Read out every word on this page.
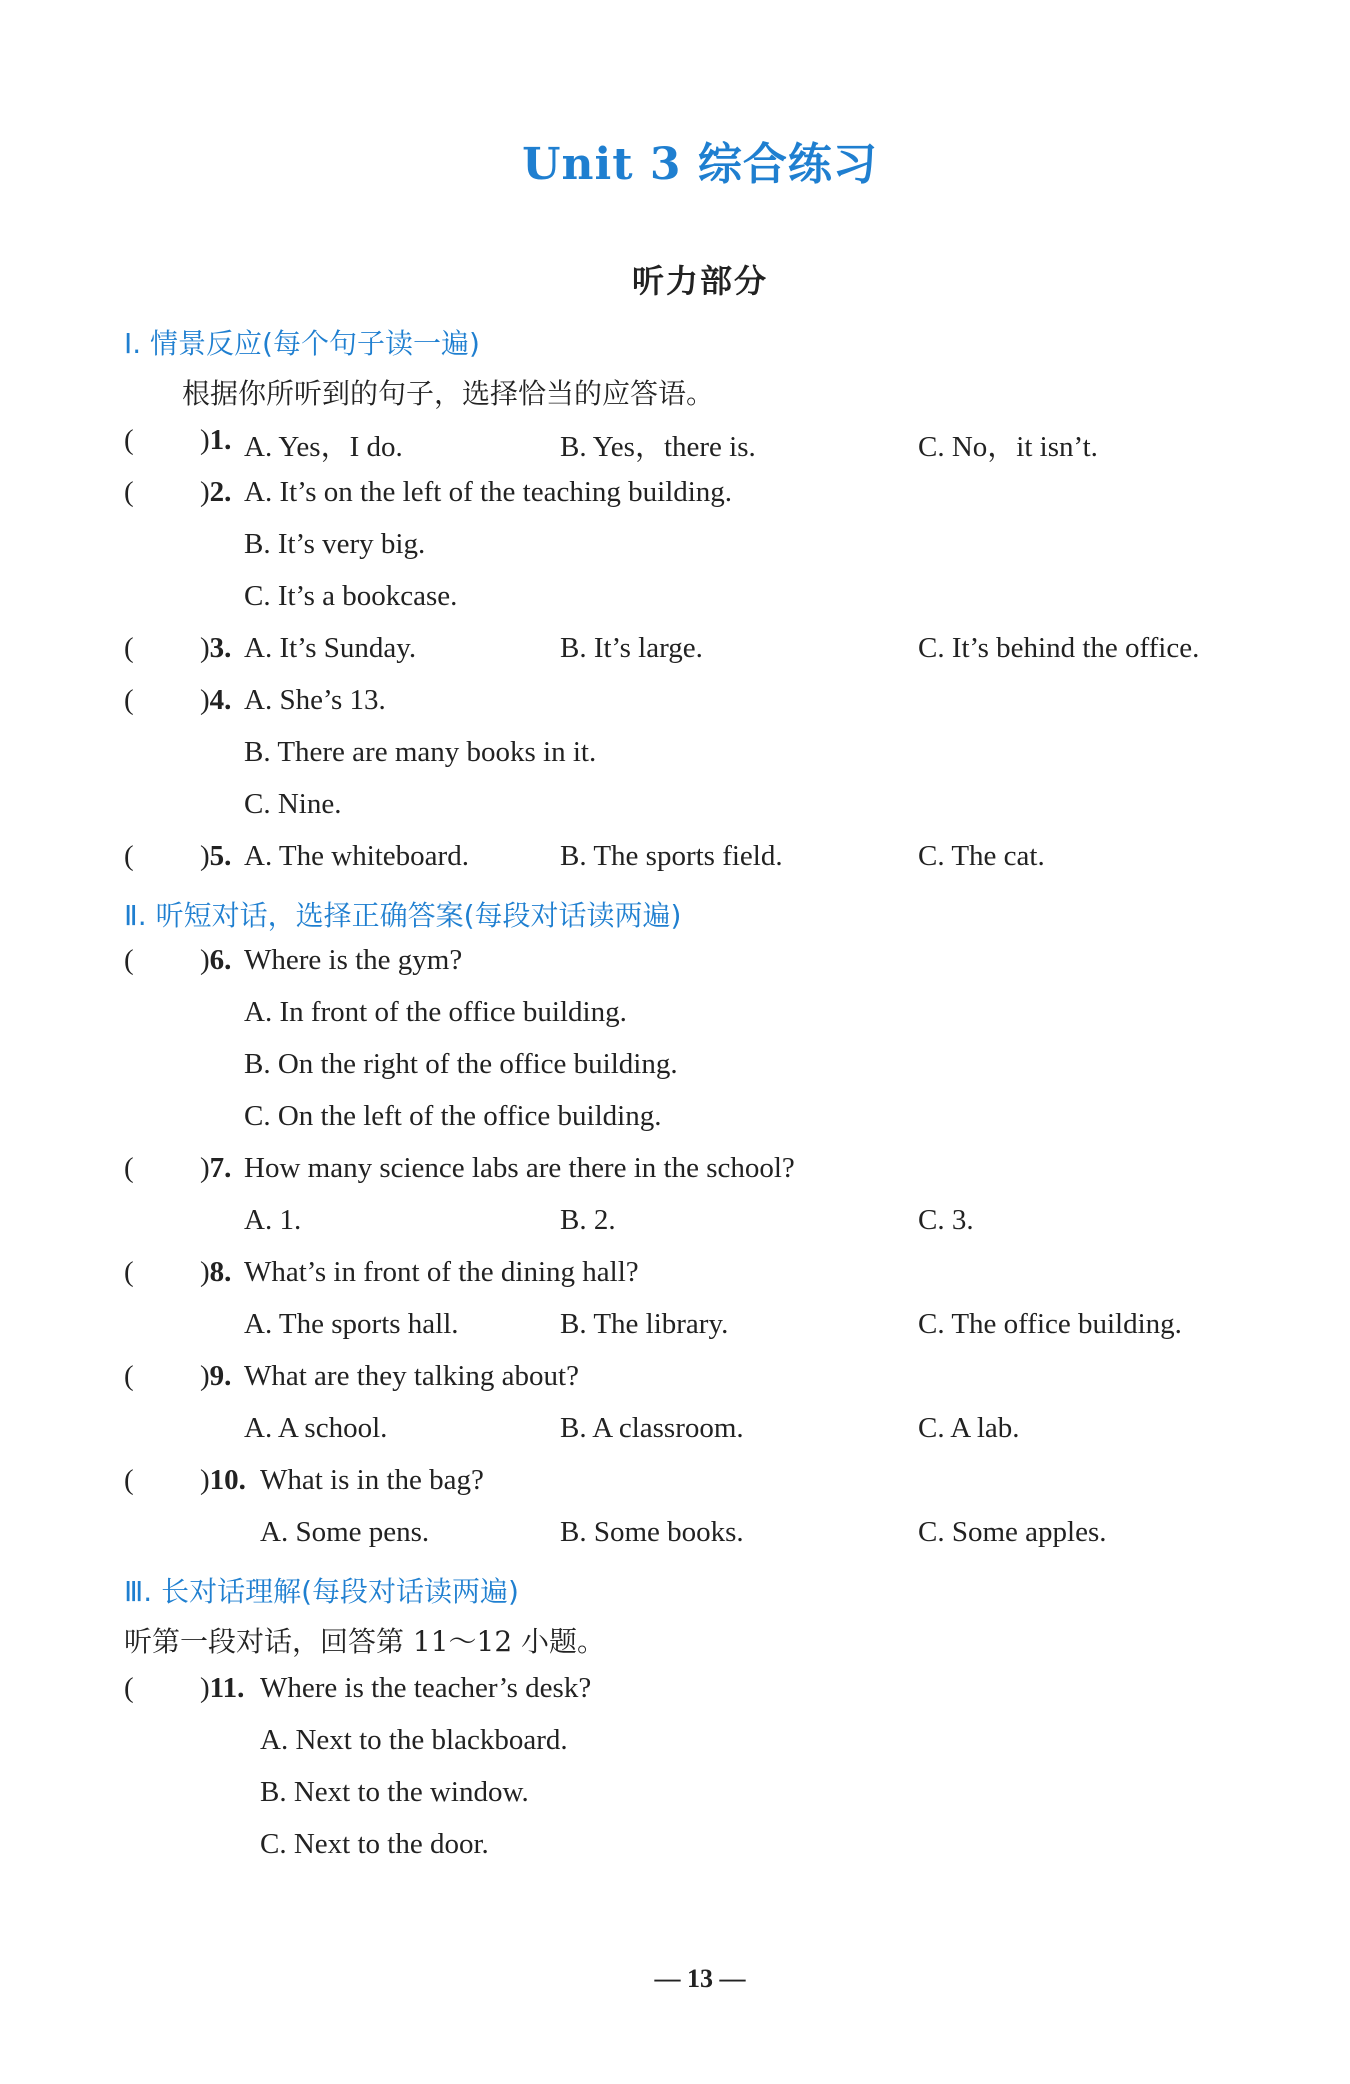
Unit 3 综合练习
听力部分
Ⅰ. 情景反应(每个句子读一遍)
根据你所听到的句子，选择恰当的应答语。
( )1. A. Yes，I do.	B. Yes，there is.	C. No，it isn’t.
( )2. A. It’s on the left of the teaching building.
B. It’s very big.
C. It’s a bookcase.
( )3. A. It’s Sunday.	B. It’s large.	C. It’s behind the office.
( )4. A. She’s 13.
B. There are many books in it.
C. Nine.
( )5. A. The whiteboard.	B. The sports field.	C. The cat.
Ⅱ. 听短对话，选择正确答案(每段对话读两遍)
( )6. Where is the gym?
A. In front of the office building.
B. On the right of the office building.
C. On the left of the office building.
( )7. How many science labs are there in the school?
A. 1.	B. 2.	C. 3.
( )8. What’s in front of the dining hall?
A. The sports hall.	B. The library.	C. The office building.
( )9. What are they talking about?
A. A school.	B. A classroom.	C. A lab.
( )10. What is in the bag?
A. Some pens.	B. Some books.	C. Some apples.
Ⅲ. 长对话理解(每段对话读两遍)
听第一段对话，回答第 11～12 小题。
( )11. Where is the teacher’s desk?
A. Next to the blackboard.
B. Next to the window.
C. Next to the door.
— 13 —
